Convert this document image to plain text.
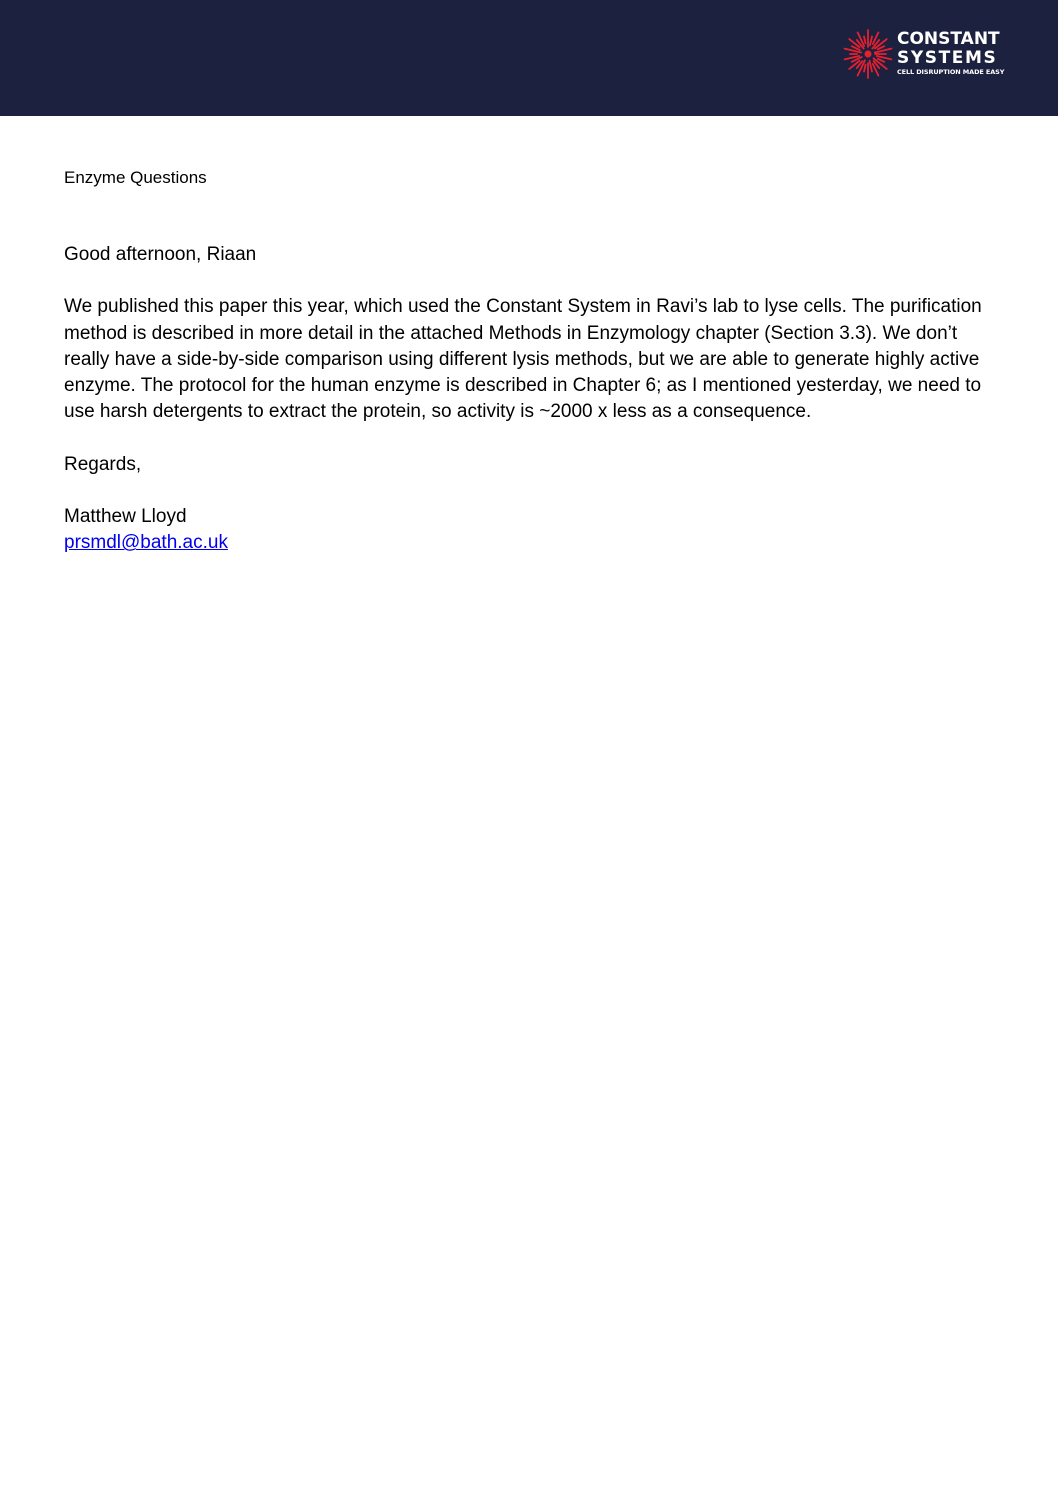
CONSTANT
SYSTEMS
CELL DISRUPTION MADE EASY
Enzyme Questions

Good afternoon, Riaan

We published this paper this year, which used the Constant System in Ravi’s lab to lyse cells. The purification method is described in more detail in the attached Methods in Enzymology chapter (Section 3.3). We don’t really have a side-by-side comparison using different lysis methods, but we are able to generate highly active enzyme. The protocol for the human enzyme is described in Chapter 6; as I mentioned yesterday, we need to use harsh detergents to extract the protein, so activity is ~2000 x less as a consequence.

Regards,

Matthew Lloyd

prsmdl@bath.ac.uk
